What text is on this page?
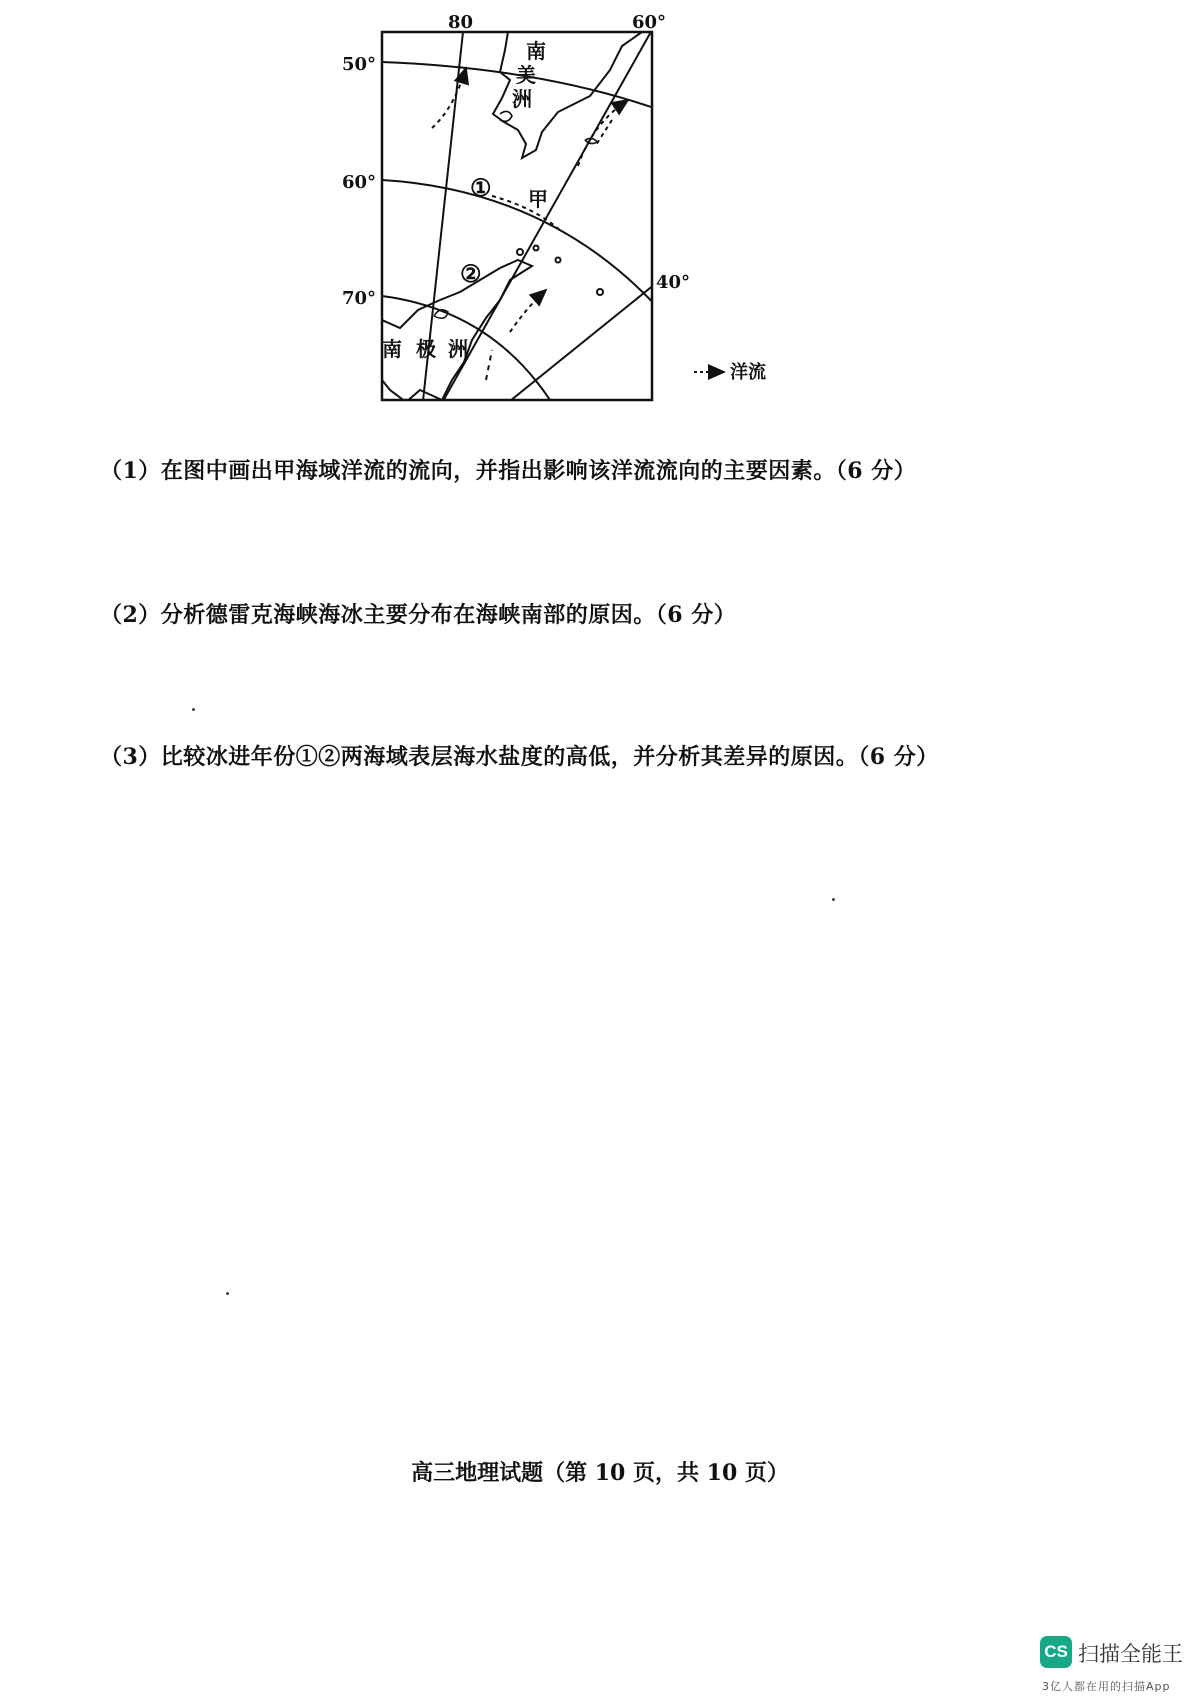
80	60°
40°
50°
60°
70°
南
美
洲
南 极 洲
甲
①
②
洋流
（1）在图中画出甲海域洋流的流向，并指出影响该洋流流向的主要因素。（6 分）
（2）分析德雷克海峡海冰主要分布在海峡南部的原因。（6 分）
（3）比较冰进年份①②两海域表层海水盐度的高低，并分析其差异的原因。（6 分）
高三地理试题（第 10 页，共 10 页）
CS 扫描全能王
3亿人都在用的扫描App
